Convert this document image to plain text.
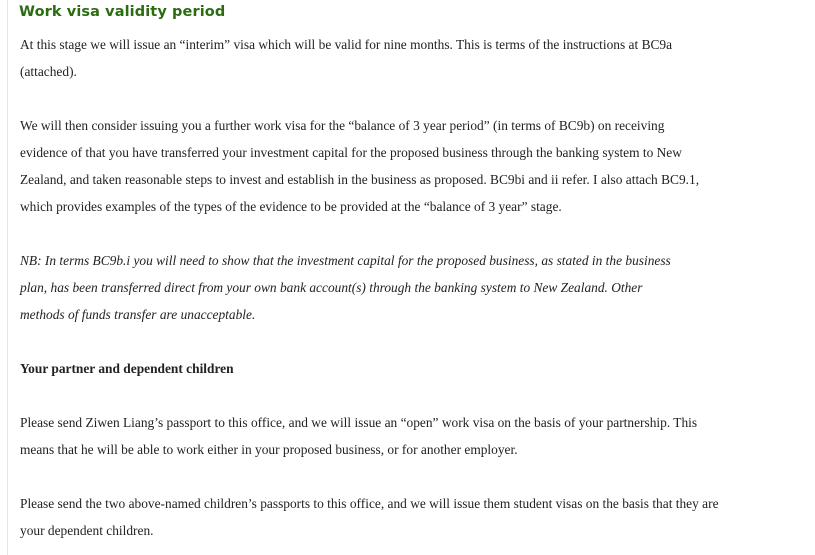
Work visa validity period

At this stage we will issue an “interim” visa which will be valid for nine months. This is terms of the instructions at BC9a
(attached).

We will then consider issuing you a further work visa for the “balance of 3 year period” (in terms of BC9b) on receiving
evidence of that you have transferred your investment capital for the proposed business through the banking system to New
Zealand, and taken reasonable steps to invest and establish in the business as proposed. BC9bi and ii refer. I also attach BC9.1,
which provides examples of the types of the evidence to be provided at the “balance of 3 year” stage.

NB: In terms BC9b.i you will need to show that the investment capital for the proposed business, as stated in the business
plan, has been transferred direct from your own bank account(s) through the banking system to New Zealand. Other
methods of funds transfer are unacceptable.

Your partner and dependent children

Please send Ziwen Liang’s passport to this office, and we will issue an “open” work visa on the basis of your partnership. This
means that he will be able to work either in your proposed business, or for another employer.

Please send the two above-named children’s passports to this office, and we will issue them student visas on the basis that they are
your dependent children.
